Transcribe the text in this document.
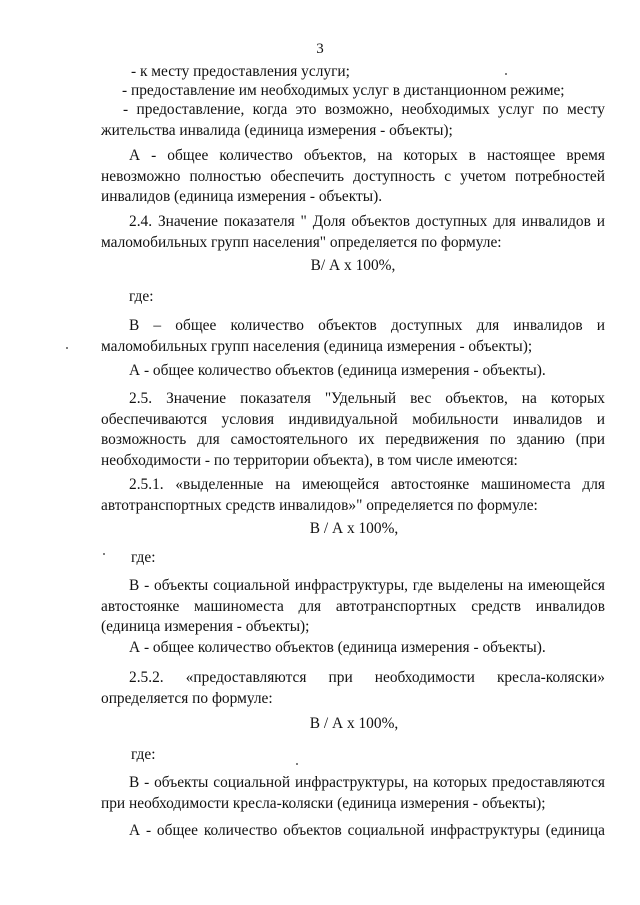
3

- к месту предоставления услуги;

- предоставление им необходимых услуг в дистанционном режиме;

- предоставление, когда это возможно, необходимых услуг по месту жительства инвалида (единица измерения - объекты);

А - общее количество объектов, на которых в настоящее время невозможно полностью обеспечить доступность с учетом потребностей инвалидов (единица измерения - объекты).

2.4. Значение показателя " Доля объектов доступных для инвалидов и маломобильных групп населения" определяется по формуле:

В/ А х 100%,

где:

В – общее количество объектов доступных для инвалидов и маломобильных групп населения (единица измерения - объекты);

А - общее количество объектов (единица измерения - объекты).

2.5. Значение показателя "Удельный вес объектов, на которых обеспечиваются условия индивидуальной мобильности инвалидов и возможность для самостоятельного их передвижения по зданию (при необходимости - по территории объекта), в том числе имеются:

2.5.1. «выделенные на имеющейся автостоянке машиноместа для автотранспортных средств инвалидов»" определяется по формуле:

В / А х 100%,

где:

В - объекты социальной инфраструктуры, где выделены на имеющейся автостоянке машиноместа для автотранспортных средств инвалидов (единица измерения - объекты);

А - общее количество объектов (единица измерения - объекты).

2.5.2. «предоставляются при необходимости кресла-коляски» определяется по формуле:

В / А х 100%,

где:

В - объекты социальной инфраструктуры, на которых предоставляются при необходимости кресла-коляски (единица измерения - объекты);

А - общее количество объектов социальной инфраструктуры (единица
